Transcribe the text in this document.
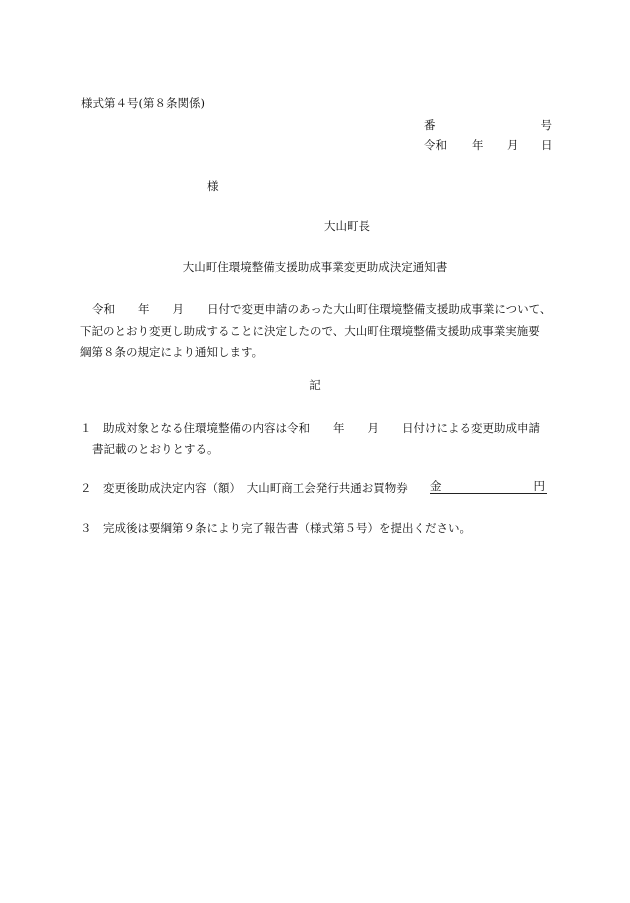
様式第４号(第８条関係)
番	号
令和 年 月 日
様
大山町長
大山町住環境整備支援助成事業変更助成決定通知書

令和　　年　　月　　日付で変更申請のあった大山町住環境整備支援助成事業について、

下記のとおり変更し助成することに決定したので、大山町住環境整備支援助成事業実施要

綱第８条の規定により通知します。

記

１　助成対象となる住環境整備の内容は令和　　年　　月　　日付けによる変更助成申請

書記載のとおりとする。

２　変更後助成決定内容（額）　大山町商工会発行共通お買物券	金	円

３　完成後は要綱第９条により完了報告書（様式第５号）を提出ください。
